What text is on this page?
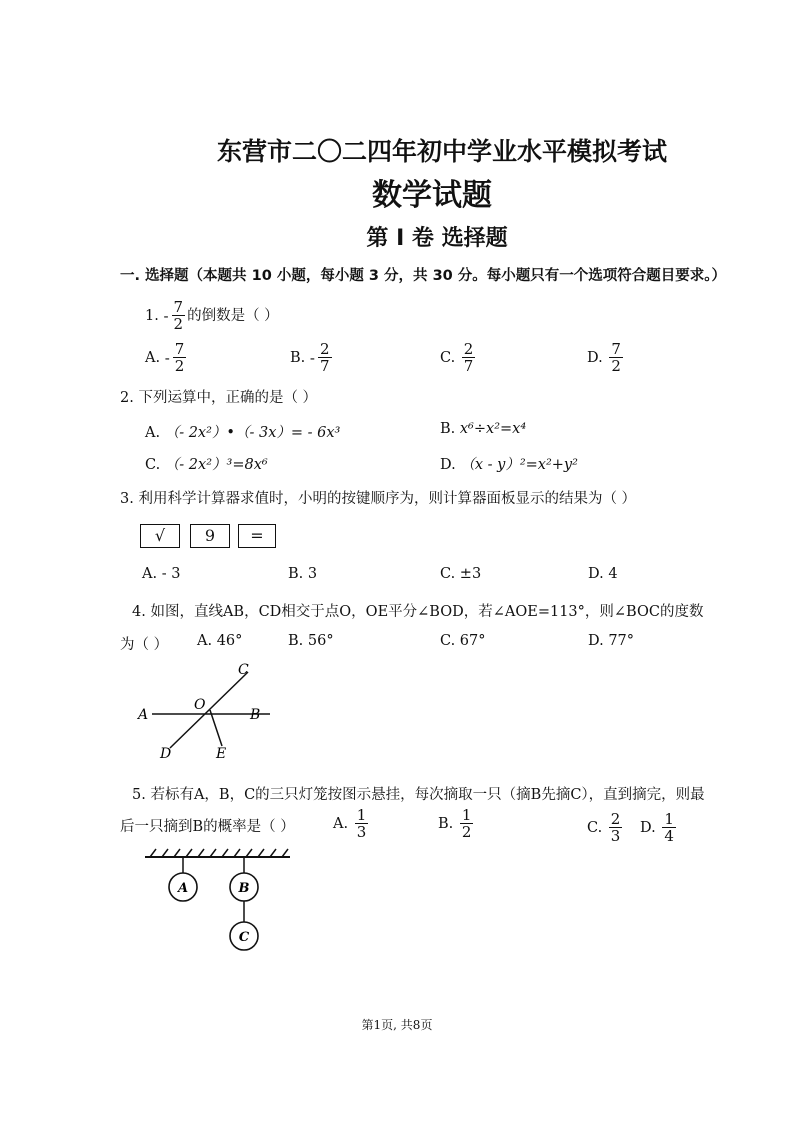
东营市二〇二四年初中学业水平模拟考试
数学试题
第 I 卷 选择题
一. 选择题（本题共 10 小题，每小题 3 分，共 30 分。每小题只有一个选项符合题目要求。）
1. - $\frac{7}{2}$ 的倒数是（ ）
A. - $\frac{7}{2}$	B. - $\frac{2}{7}$	C. $\frac{2}{7}$	D. $\frac{7}{2}$
2. 下列运算中，正确的是（ ）
A. （- 2x²）•（- 3x）= - 6x³	B. x⁶÷x²=x⁴
C. （- 2x²）³=8x⁶	D. （x - y）²=x²+y²
3. 利用科学计算器求值时，小明的按键顺序为，则计算器面板显示的结果为（ ）
√	9	=
A. - 3	B. 3	C. ±3	D. 4
4. 如图，直线AB，CD相交于点O，OE平分∠BOD，若∠AOE=113°，则∠BOC的度数
为（ ） A. 46°	B. 56°	C. 67°	D. 77°
A
O
B
C
D	E
5. 若标有A，B，C的三只灯笼按图示悬挂，每次摘取一只（摘B先摘C），直到摘完，则最
后一只摘到B的概率是（ ）	A. $\frac{1}{3}$	B. $\frac{1}{2}$	C. $\frac{2}{3} D$. $\frac{1}{4}$
A	B
C
第1页, 共8页
